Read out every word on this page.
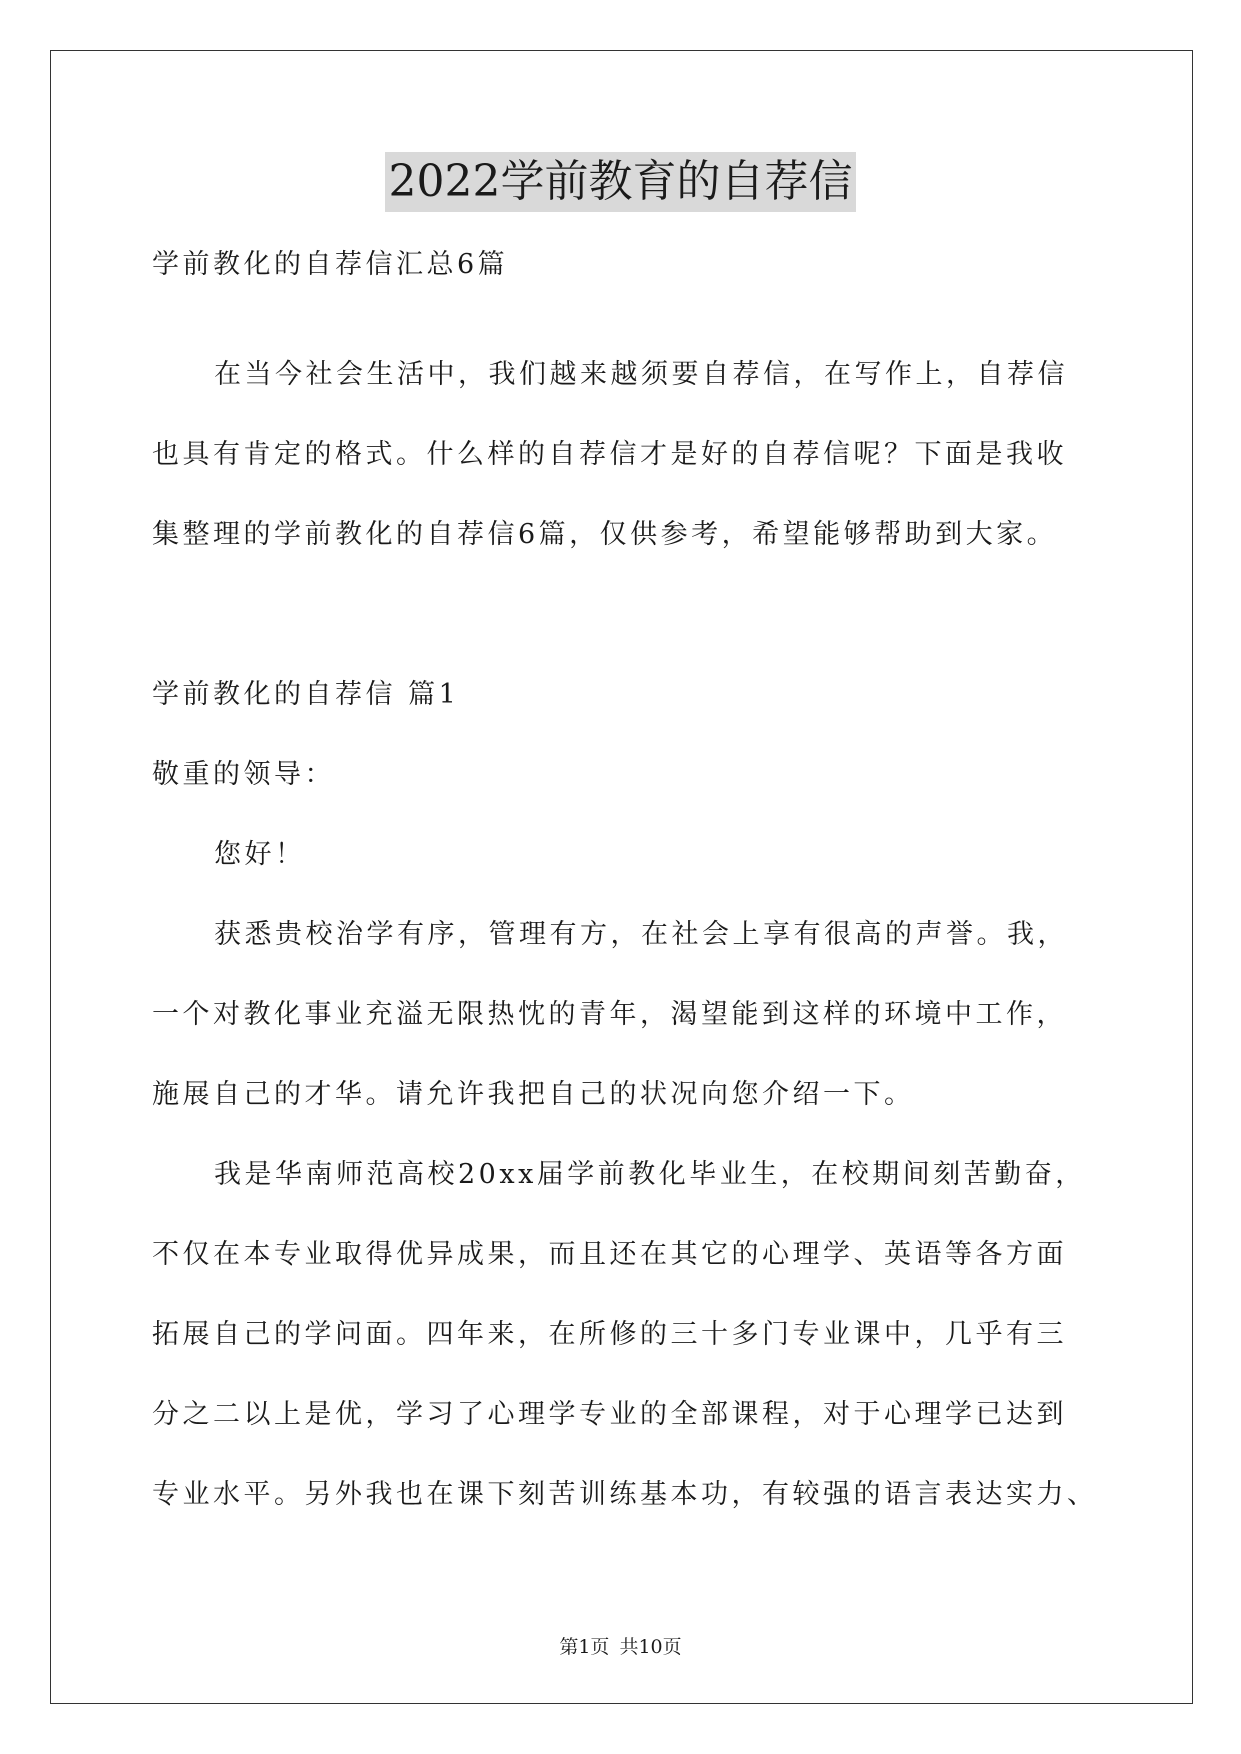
2022学前教育的自荐信
学前教化的自荐信汇总6篇
在当今社会生活中，我们越来越须要自荐信，在写作上，自荐信
也具有肯定的格式。什么样的自荐信才是好的自荐信呢？下面是我收
集整理的学前教化的自荐信6篇，仅供参考，希望能够帮助到大家。
学前教化的自荐信 篇1
敬重的领导：
您好！
获悉贵校治学有序，管理有方，在社会上享有很高的声誉。我，
一个对教化事业充溢无限热忱的青年，渴望能到这样的环境中工作，
施展自己的才华。请允许我把自己的状况向您介绍一下。
我是华南师范高校20xx届学前教化毕业生，在校期间刻苦勤奋，
不仅在本专业取得优异成果，而且还在其它的心理学、英语等各方面
拓展自己的学问面。四年来，在所修的三十多门专业课中，几乎有三
分之二以上是优，学习了心理学专业的全部课程，对于心理学已达到
专业水平。另外我也在课下刻苦训练基本功，有较强的语言表达实力、
第1页 共10页
